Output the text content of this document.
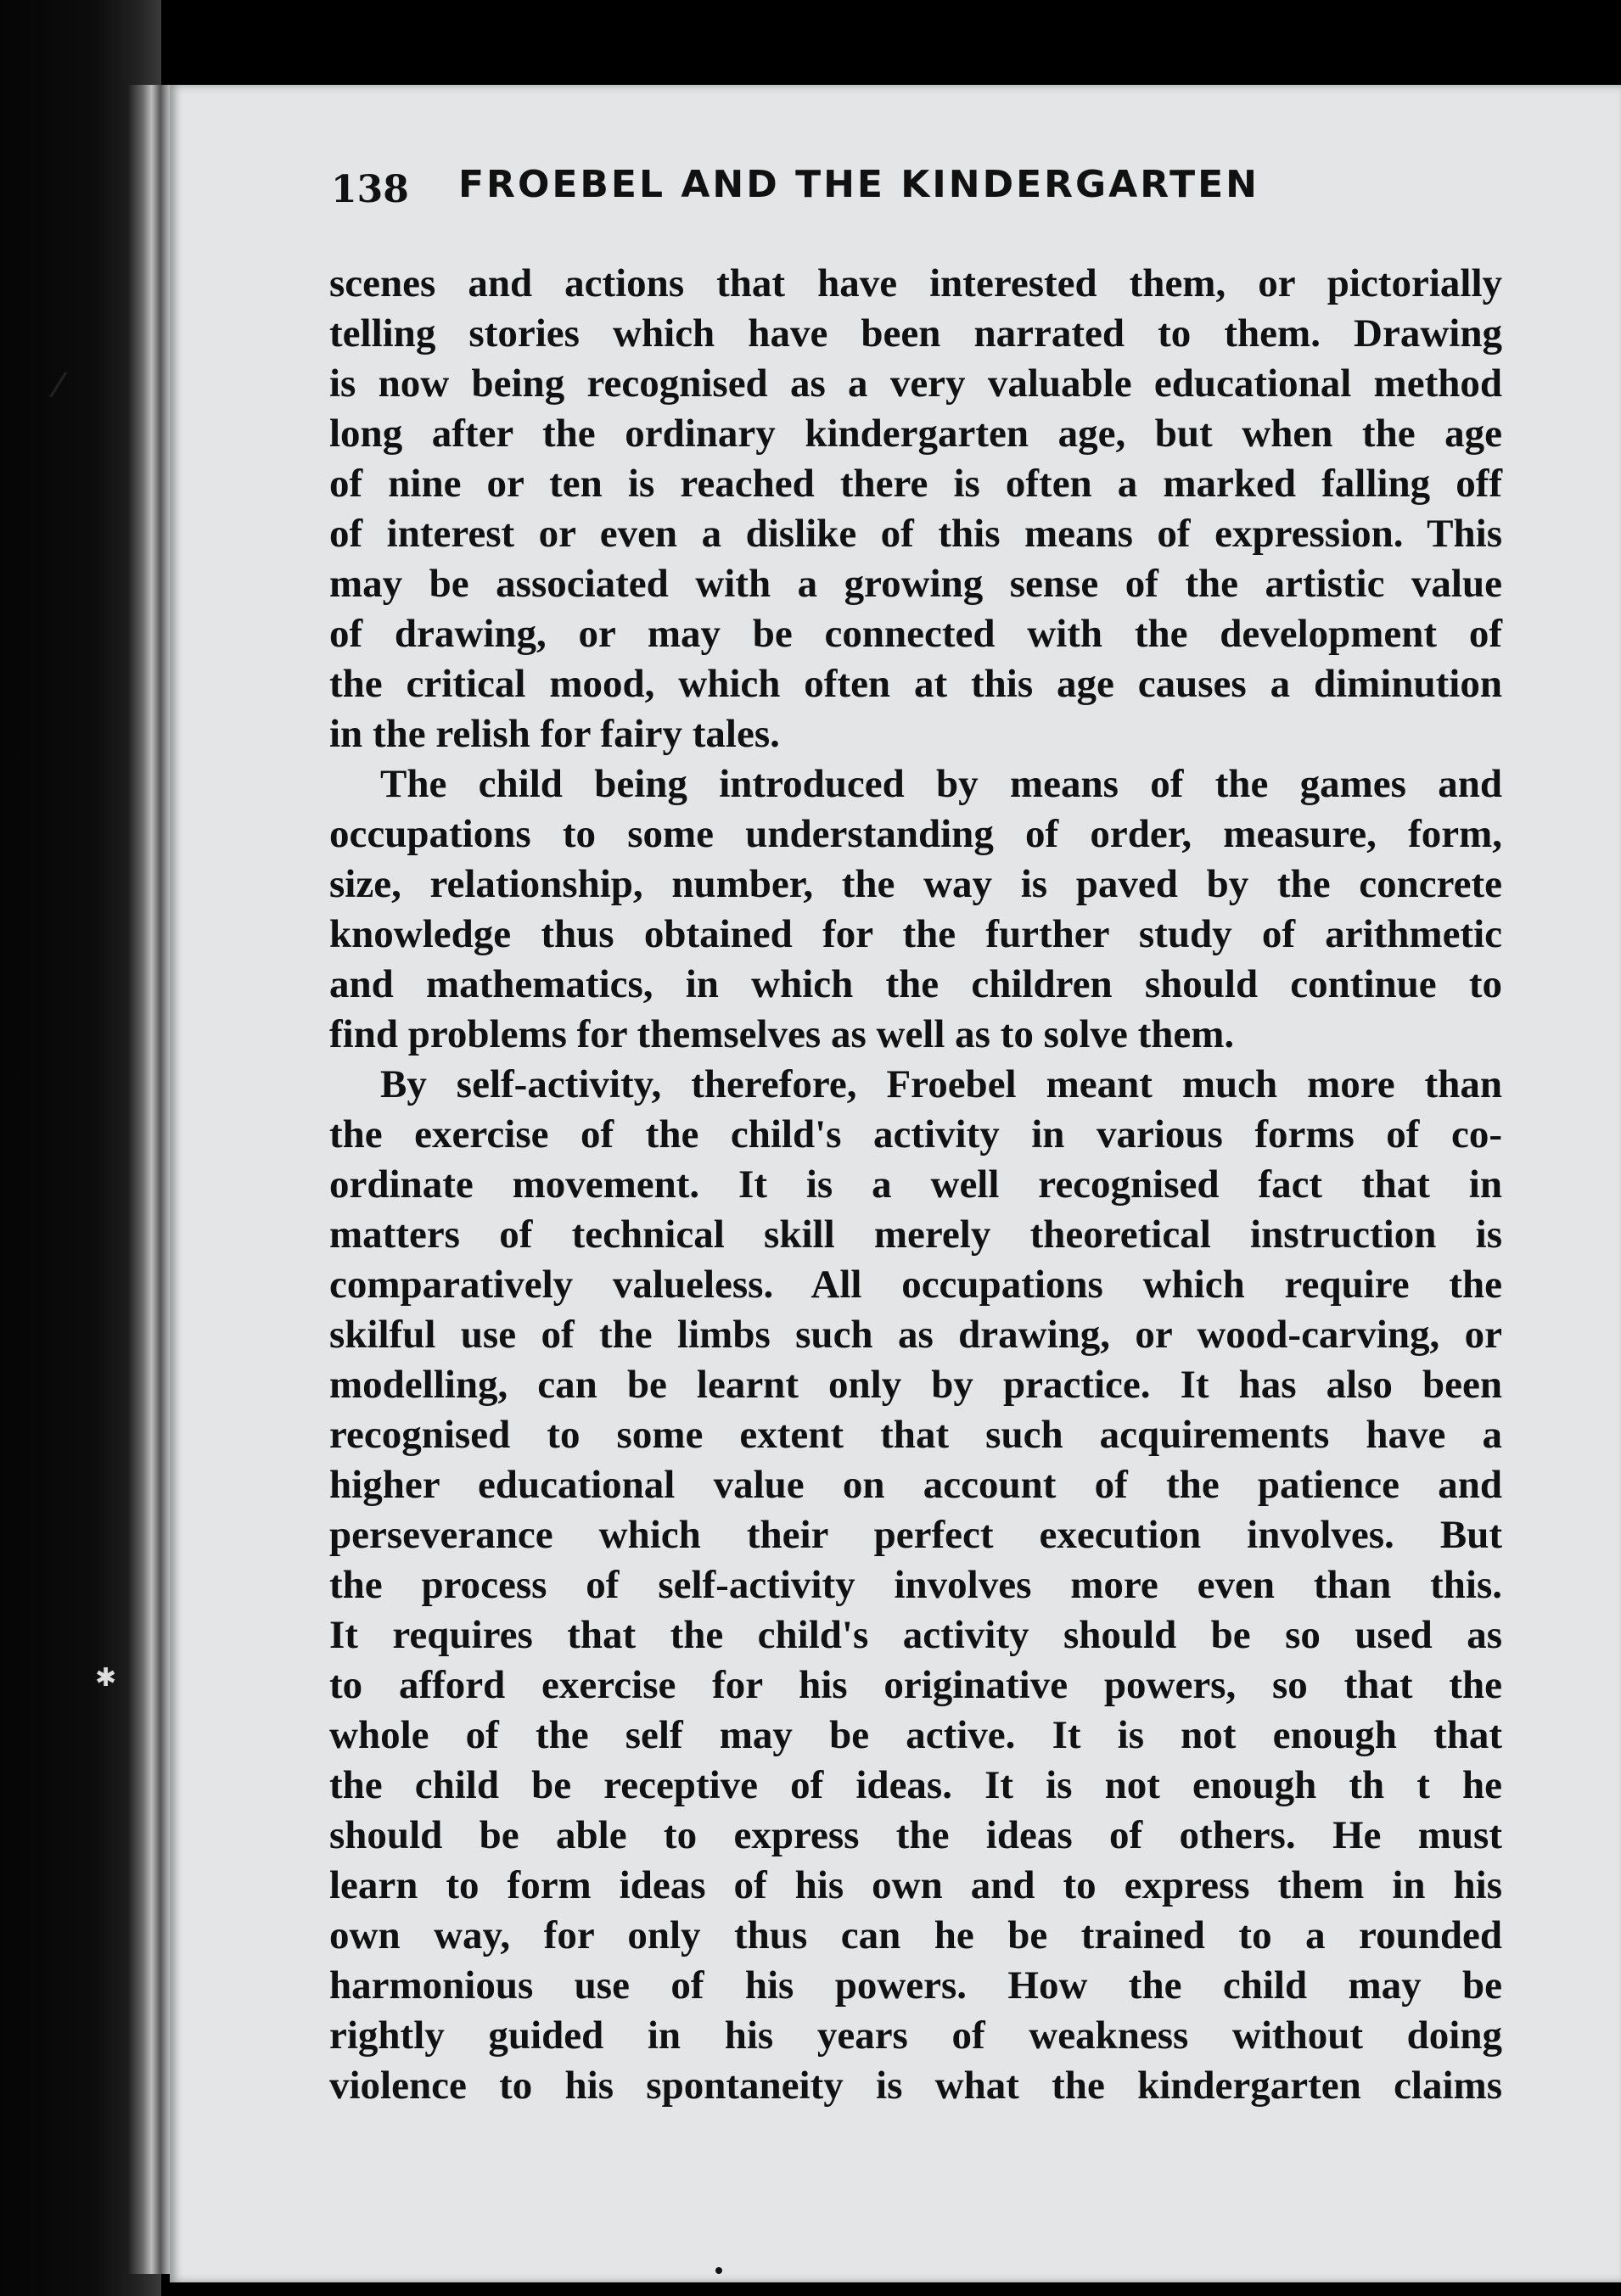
/
✱
138 FROEBEL AND THE KINDERGARTEN
scenes and actions that have interested them, or pictorially
telling stories which have been narrated to them. Drawing
is now being recognised as a very valuable educational method
long after the ordinary kindergarten age, but when the age
of nine or ten is reached there is often a marked falling off
of interest or even a dislike of this means of expression. This
may be associated with a growing sense of the artistic value
of drawing, or may be connected with the development of
the critical mood, which often at this age causes a diminution
in the relish for fairy tales.
The child being introduced by means of the games and
occupations to some understanding of order, measure, form,
size, relationship, number, the way is paved by the concrete
knowledge thus obtained for the further study of arithmetic
and mathematics, in which the children should continue to
find problems for themselves as well as to solve them.
By self-activity, therefore, Froebel meant much more than
the exercise of the child's activity in various forms of co-
ordinate movement. It is a well recognised fact that in
matters of technical skill merely theoretical instruction is
comparatively valueless. All occupations which require the
skilful use of the limbs such as drawing, or wood-carving, or
modelling, can be learnt only by practice. It has also been
recognised to some extent that such acquirements have a
higher educational value on account of the patience and
perseverance which their perfect execution involves. But
the process of self-activity involves more even than this.
It requires that the child's activity should be so used as
to afford exercise for his originative powers, so that the
whole of the self may be active. It is not enough that
the child be receptive of ideas. It is not enough th t he
should be able to express the ideas of others. He must
learn to form ideas of his own and to express them in his
own way, for only thus can he be trained to a rounded
harmonious use of his powers. How the child may be
rightly guided in his years of weakness without doing
violence to his spontaneity is what the kindergarten claims
